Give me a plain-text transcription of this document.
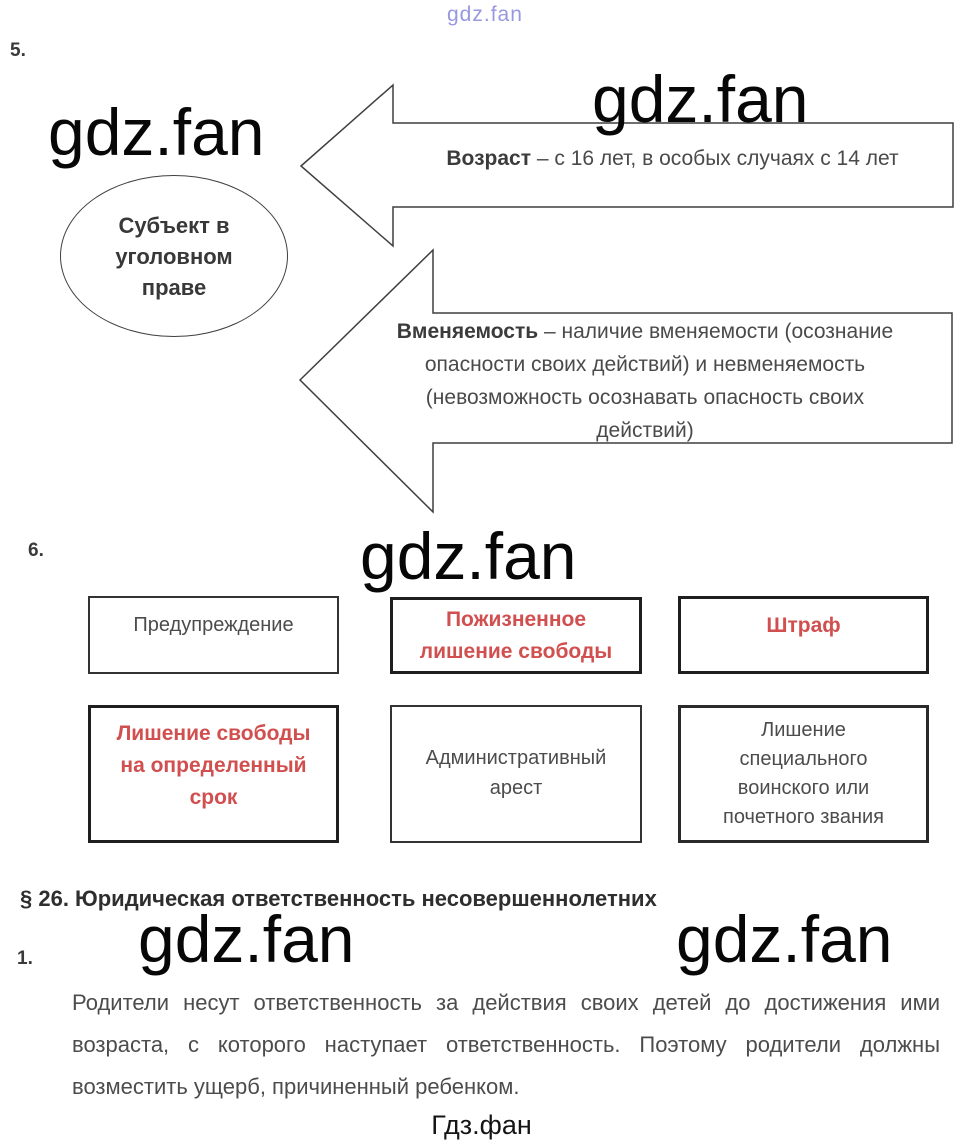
gdz.fan
5.
gdz.fan	gdz.fan
gdz.fan
gdz.fan	gdz.fan
Субъект в уголовном праве
Возраст – с 16 лет, в особых случаях с 14 лет
Вменяемость – наличие вменяемости (осознание
опасности своих действий) и невменяемость
(невозможность осознавать опасность своих
действий)
6.
Предупреждение	Пожизненное лишение свободы
Штраф
Лишение свободы на определенный срок
Административный арест
Лишение специального воинского или почетного звания
§ 26. Юридическая ответственность несовершеннолетних
1.
Родители несут ответственность за действия своих детей до достижения ими возраста, с которого наступает ответственность. Поэтому родители должны возместить ущерб, причиненный ребенком.
Гдз.фан
